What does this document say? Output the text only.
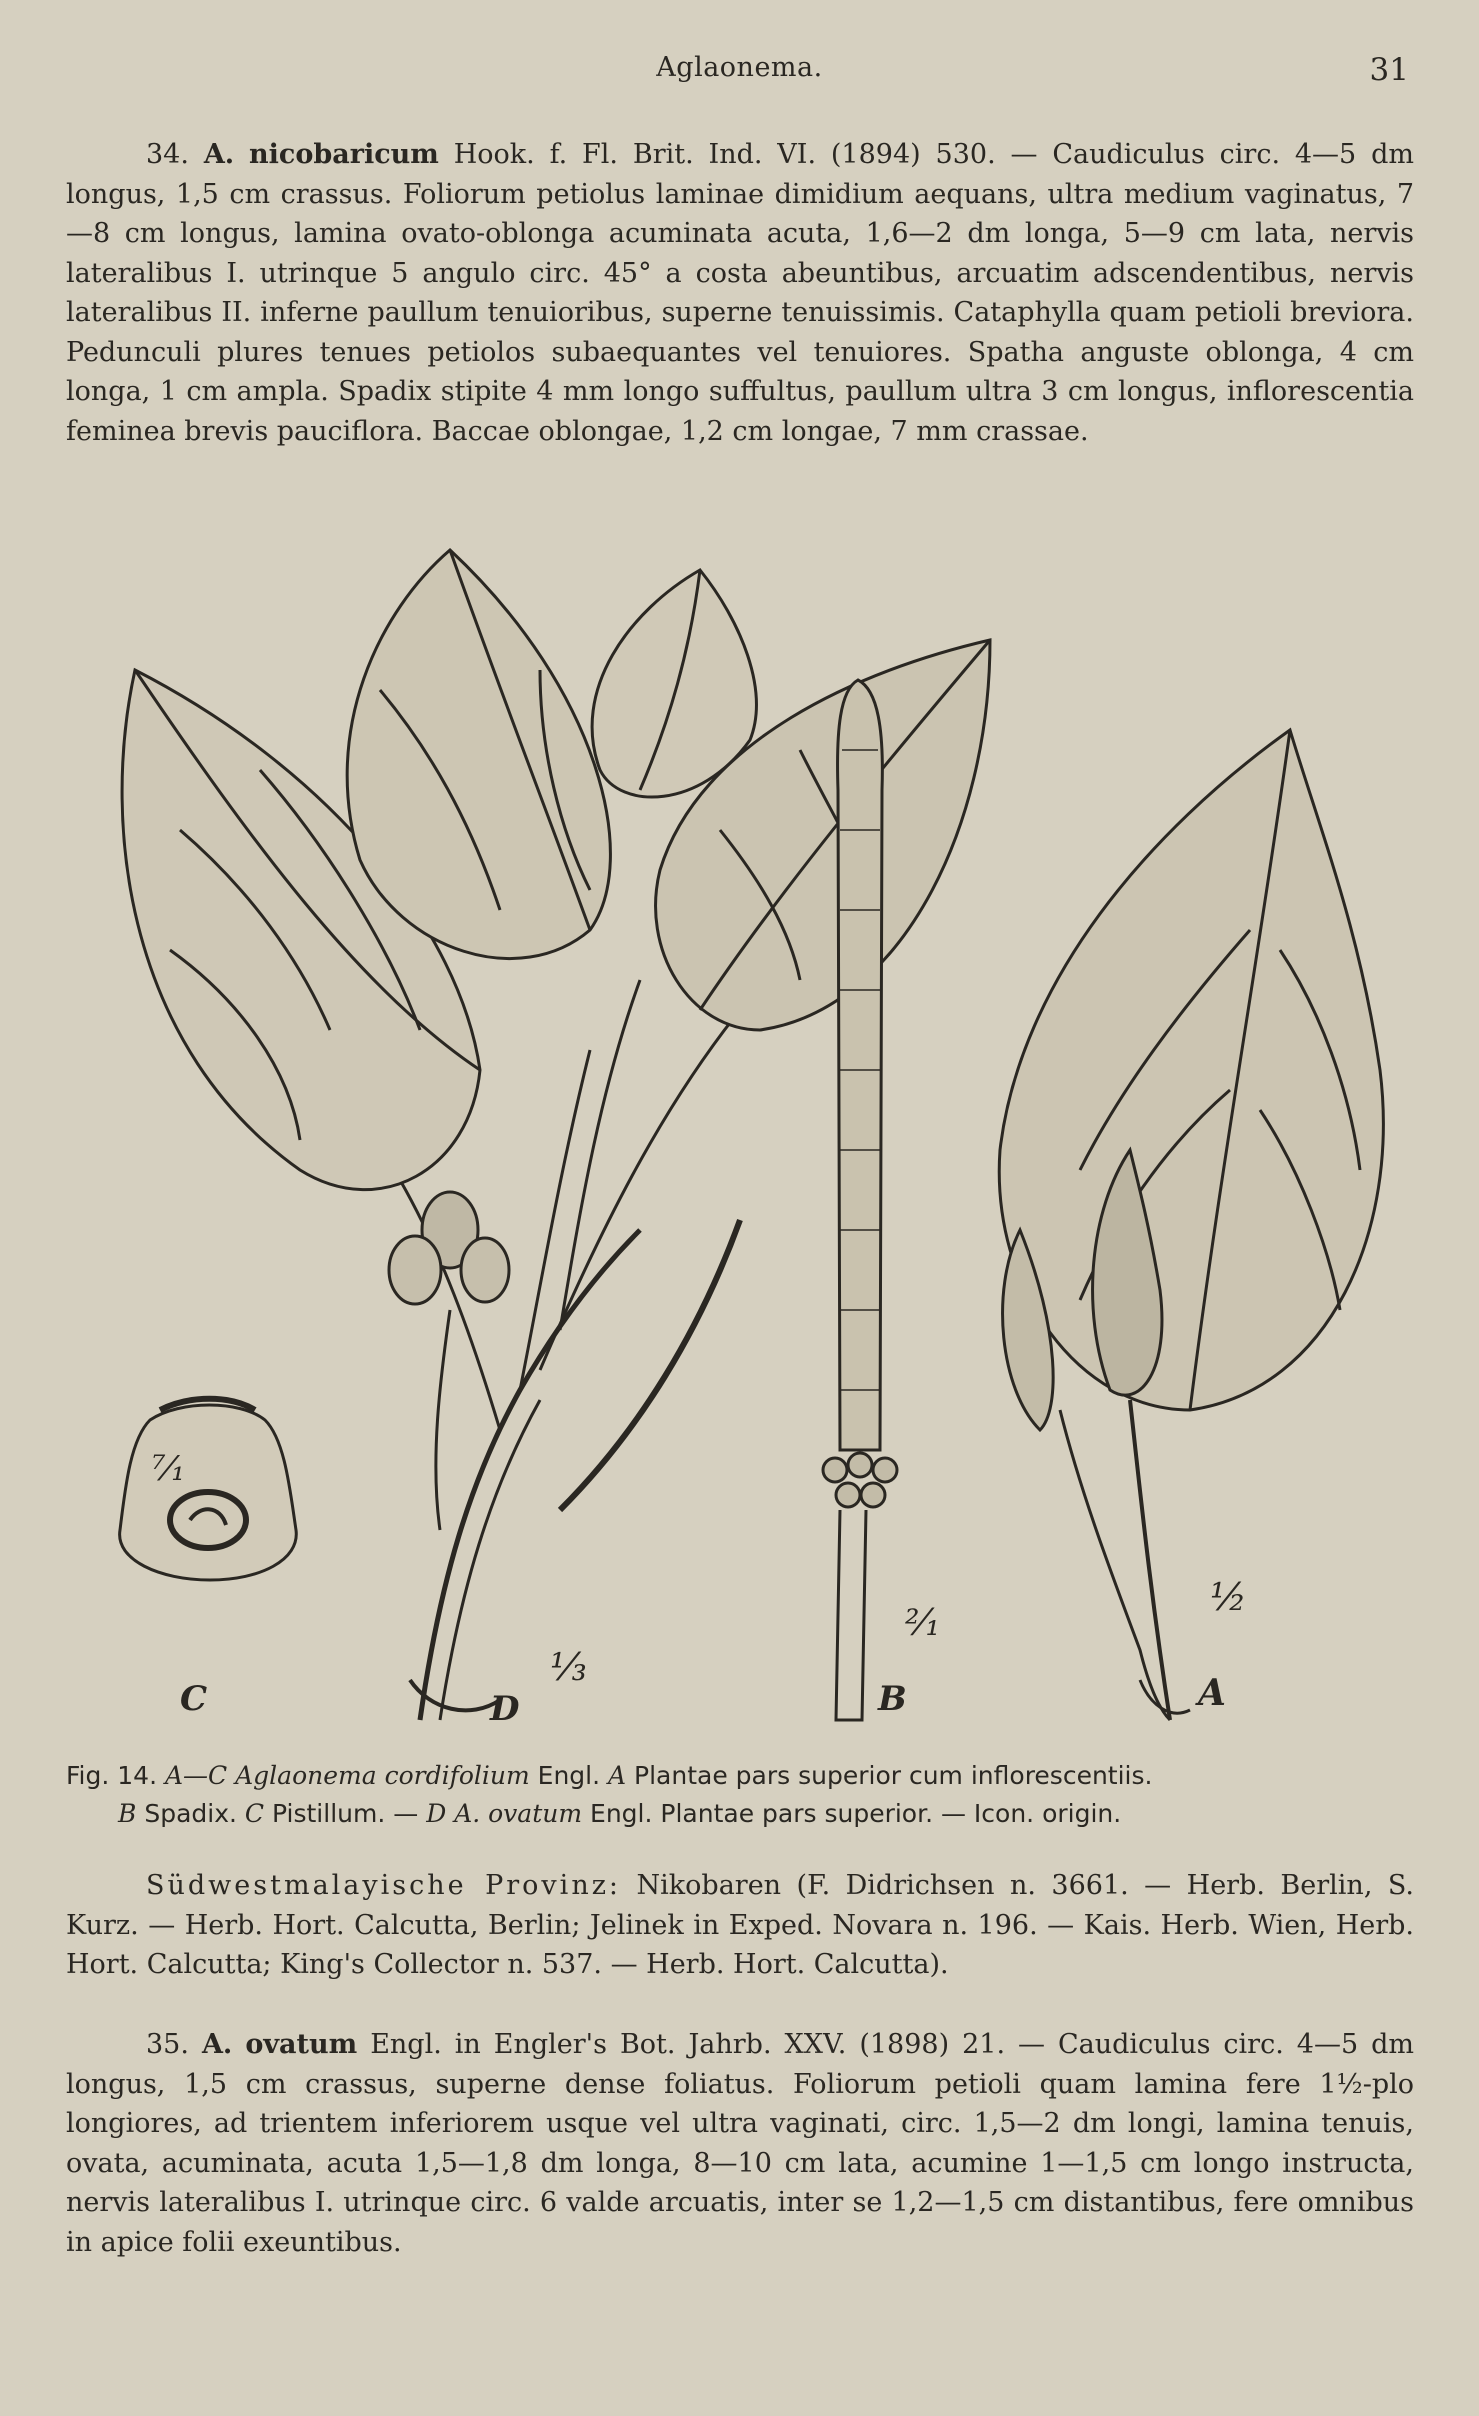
Aglaonema.	31

34. A. nicobaricum Hook. f. Fl. Brit. Ind. VI. (1894) 530. — Caudiculus circ. 4—5 dm longus, 1,5 cm crassus. Foliorum petiolus laminae dimidium aequans, ultra medium vaginatus, 7—8 cm longus, lamina ovato-oblonga acuminata acuta, 1,6—2 dm longa, 5—9 cm lata, nervis lateralibus I. utrinque 5 angulo circ. 45° a costa abeuntibus, arcuatim adscendentibus, nervis lateralibus II. inferne paullum tenuioribus, superne tenuissimis. Cataphylla quam petioli breviora. Pedunculi plures tenues petiolos subaequantes vel tenuiores. Spatha anguste oblonga, 4 cm longa, 1 cm ampla. Spadix stipite 4 mm longo suffultus, paullum ultra 3 cm longus, inflorescentia feminea brevis pauciflora. Baccae oblongae, 1,2 cm longae, 7 mm crassae.

C	D	B	A
⁷⁄₁
⅓
²⁄₁
½

Fig. 14. A—C Aglaonema cordifolium Engl. A Plantae pars superior cum inflorescentiis.

B Spadix. C Pistillum. — D A. ovatum Engl. Plantae pars superior. — Icon. origin.

Südwestmalayische Provinz: Nikobaren (F. Didrichsen n. 3661. — Herb. Berlin, S. Kurz. — Herb. Hort. Calcutta, Berlin; Jelinek in Exped. Novara n. 196. — Kais. Herb. Wien, Herb. Hort. Calcutta; King's Collector n. 537. — Herb. Hort. Calcutta).

35. A. ovatum Engl. in Engler's Bot. Jahrb. XXV. (1898) 21. — Caudiculus circ. 4—5 dm longus, 1,5 cm crassus, superne dense foliatus. Foliorum petioli quam lamina fere 1½-plo longiores, ad trientem inferiorem usque vel ultra vaginati, circ. 1,5—2 dm longi, lamina tenuis, ovata, acuminata, acuta 1,5—1,8 dm longa, 8—10 cm lata, acumine 1—1,5 cm longo instructa, nervis lateralibus I. utrinque circ. 6 valde arcuatis, inter se 1,2—1,5 cm distantibus, fere omnibus in apice folii exeuntibus.
